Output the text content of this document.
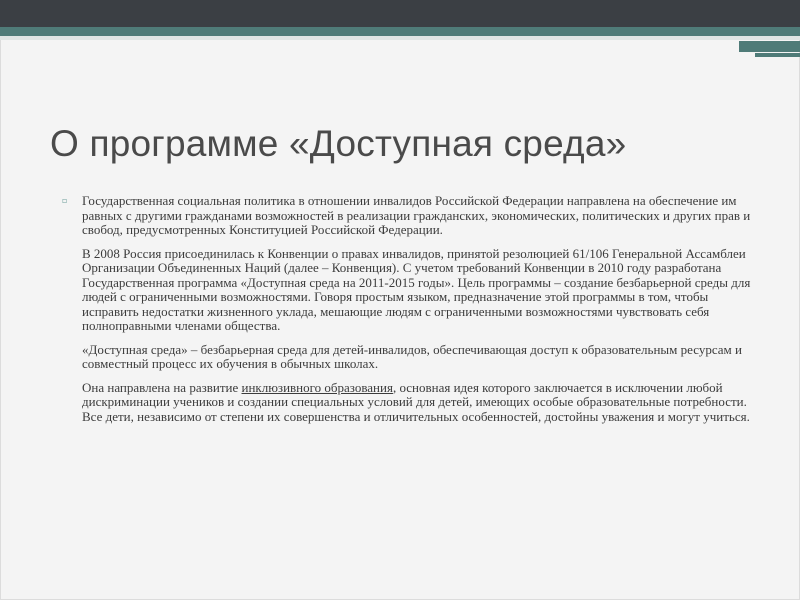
О программе «Доступная среда»
▫ Государственная социальная политика в отношении инвалидов Российской Федерации направлена на обеспечение им равных с другими гражданами возможностей в реализации гражданских, экономических, политических и других прав и свобод, предусмотренных Конституцией Российской Федерации.

В 2008 Россия присоединилась к Конвенции о правах инвалидов, принятой резолюцией 61/106 Генеральной Ассамблеи Организации Объединенных Наций (далее – Конвенция). С учетом требований Конвенции в 2010 году разработана Государственная программа «Доступная среда на 2011-2015 годы». Цель программы – создание безбарьерной среды для людей с ограниченными возможностями. Говоря простым языком, предназначение этой программы в том, чтобы исправить недостатки жизненного уклада, мешающие людям с ограниченными возможностями чувствовать себя полноправными членами общества.

«Доступная среда» – безбарьерная среда для детей-инвалидов, обеспечивающая доступ к образовательным ресурсам и совместный процесс их обучения в обычных школах.

Она направлена на развитие инклюзивного образования, основная идея которого заключается в исключении любой дискриминации учеников и создании специальных условий для детей, имеющих особые образовательные потребности. Все дети, независимо от степени их совершенства и отличительных особенностей, достойны уважения и могут учиться.
